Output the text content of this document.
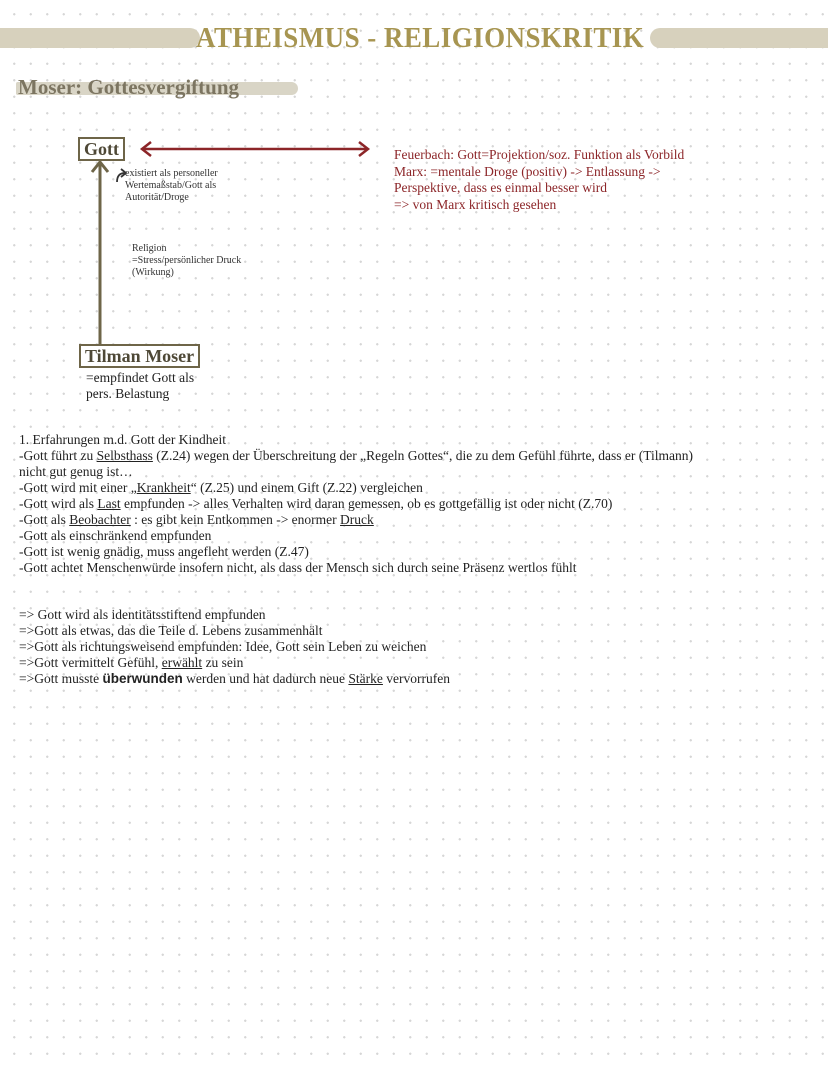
ATHEISMUS - RELIGIONSKRITIK
Moser: Gottesvergiftung
Gott
Tilman Moser
existiert als personeller
Wertemaßstab/Gott als
Autorität/Droge
Religion
=Stress/persönlicher Druck
(Wirkung)
=empfindet Gott als
pers. Belastung
Feuerbach: Gott=Projektion/soz. Funktion als Vorbild
Marx: =mentale Droge (positiv) -> Entlassung ->
Perspektive, dass es einmal besser wird
=> von Marx kritisch gesehen
1. Erfahrungen m.d. Gott der Kindheit
-Gott führt zu Selbsthass (Z.24) wegen der Überschreitung der „Regeln Gottes“, die zu dem Gefühl führte, dass er (Tilmann)
nicht gut genug ist…
-Gott wird mit einer „Krankheit“ (Z.25) und einem Gift (Z.22) vergleichen
-Gott wird als Last empfunden -> alles Verhalten wird daran gemessen, ob es gottgefällig ist oder nicht (Z.70)
-Gott als Beobachter : es gibt kein Entkommen -> enormer Druck
-Gott als einschränkend empfunden
-Gott ist wenig gnädig, muss angefleht werden (Z.47)
-Gott achtet Menschenwürde insofern nicht, als dass der Mensch sich durch seine Präsenz wertlos fühlt
=> Gott wird als identitätsstiftend empfunden
=>Gott als etwas, das die Teile d. Lebens zusammenhält
=>Gott als richtungsweisend empfunden: Idee, Gott sein Leben zu weichen
=>Gott vermittelt Gefühl, erwählt zu sein
=>Gott musste überwunden werden und hat dadurch neue Stärke vervorrufen
